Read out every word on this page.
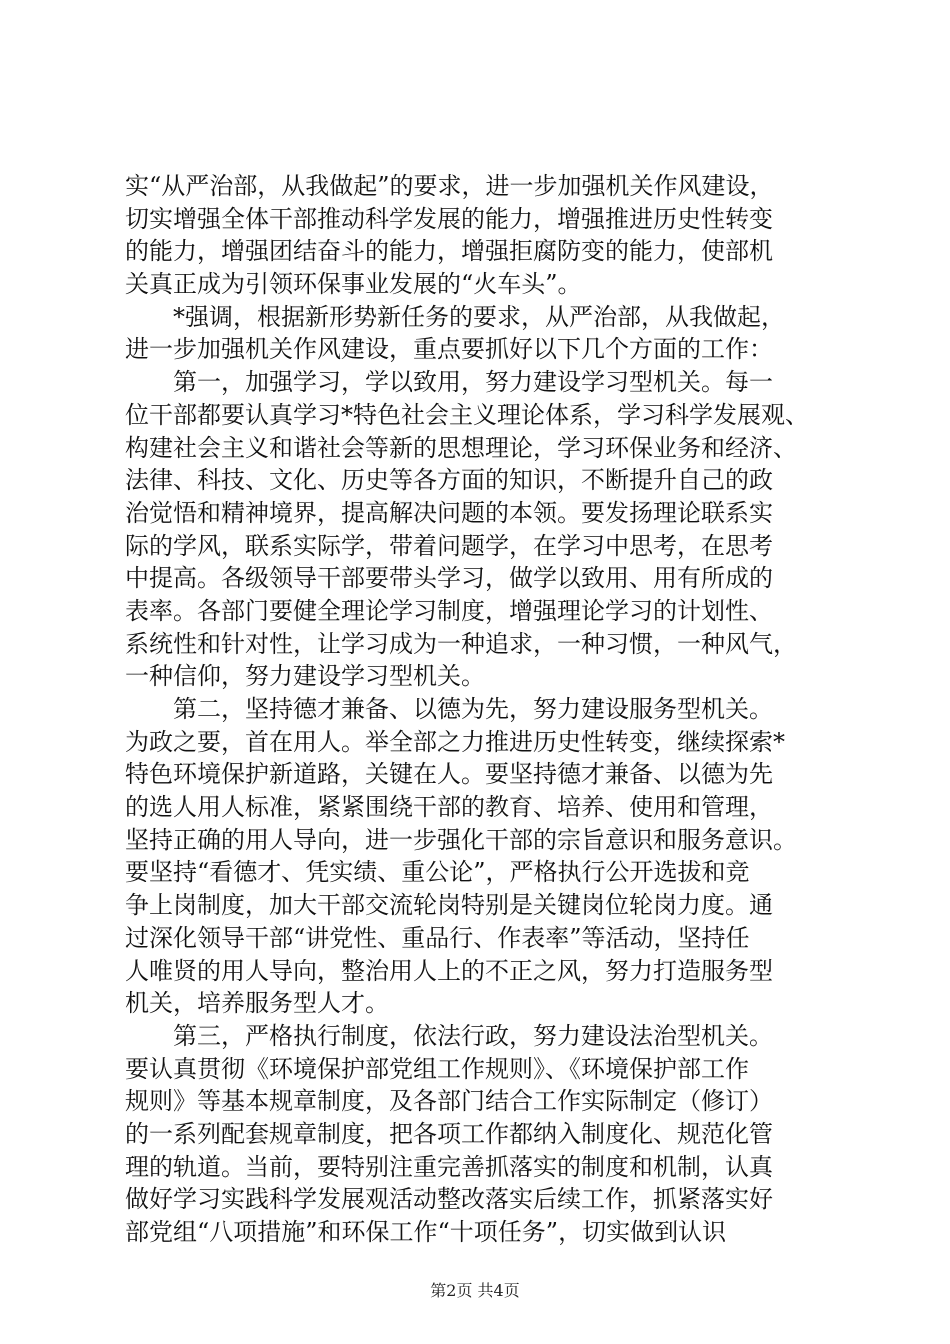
实“从严治部，从我做起”的要求，进一步加强机关作风建设，
切实增强全体干部推动科学发展的能力，增强推进历史性转变
的能力，增强团结奋斗的能力，增强拒腐防变的能力，使部机
关真正成为引领环保事业发展的“火车头”。
*强调，根据新形势新任务的要求，从严治部，从我做起，
进一步加强机关作风建设，重点要抓好以下几个方面的工作：
第一，加强学习，学以致用，努力建设学习型机关。每一
位干部都要认真学习*特色社会主义理论体系，学习科学发展观、
构建社会主义和谐社会等新的思想理论，学习环保业务和经济、
法律、科技、文化、历史等各方面的知识，不断提升自己的政
治觉悟和精神境界，提高解决问题的本领。要发扬理论联系实
际的学风，联系实际学，带着问题学，在学习中思考，在思考
中提高。各级领导干部要带头学习，做学以致用、用有所成的
表率。各部门要健全理论学习制度，增强理论学习的计划性、
系统性和针对性，让学习成为一种追求，一种习惯，一种风气，
一种信仰，努力建设学习型机关。
第二，坚持德才兼备、以德为先，努力建设服务型机关。
为政之要，首在用人。举全部之力推进历史性转变，继续探索*
特色环境保护新道路，关键在人。要坚持德才兼备、以德为先
的选人用人标准，紧紧围绕干部的教育、培养、使用和管理，
坚持正确的用人导向，进一步强化干部的宗旨意识和服务意识。
要坚持“看德才、凭实绩、重公论”，严格执行公开选拔和竞
争上岗制度，加大干部交流轮岗特别是关键岗位轮岗力度。通
过深化领导干部“讲党性、重品行、作表率”等活动，坚持任
人唯贤的用人导向，整治用人上的不正之风，努力打造服务型
机关，培养服务型人才。
第三，严格执行制度，依法行政，努力建设法治型机关。
要认真贯彻《环境保护部党组工作规则》、《环境保护部工作
规则》等基本规章制度，及各部门结合工作实际制定（修订）
的一系列配套规章制度，把各项工作都纳入制度化、规范化管
理的轨道。当前，要特别注重完善抓落实的制度和机制，认真
做好学习实践科学发展观活动整改落实后续工作，抓紧落实好
部党组“八项措施”和环保工作“十项任务”，切实做到认识
第2页 共4页
